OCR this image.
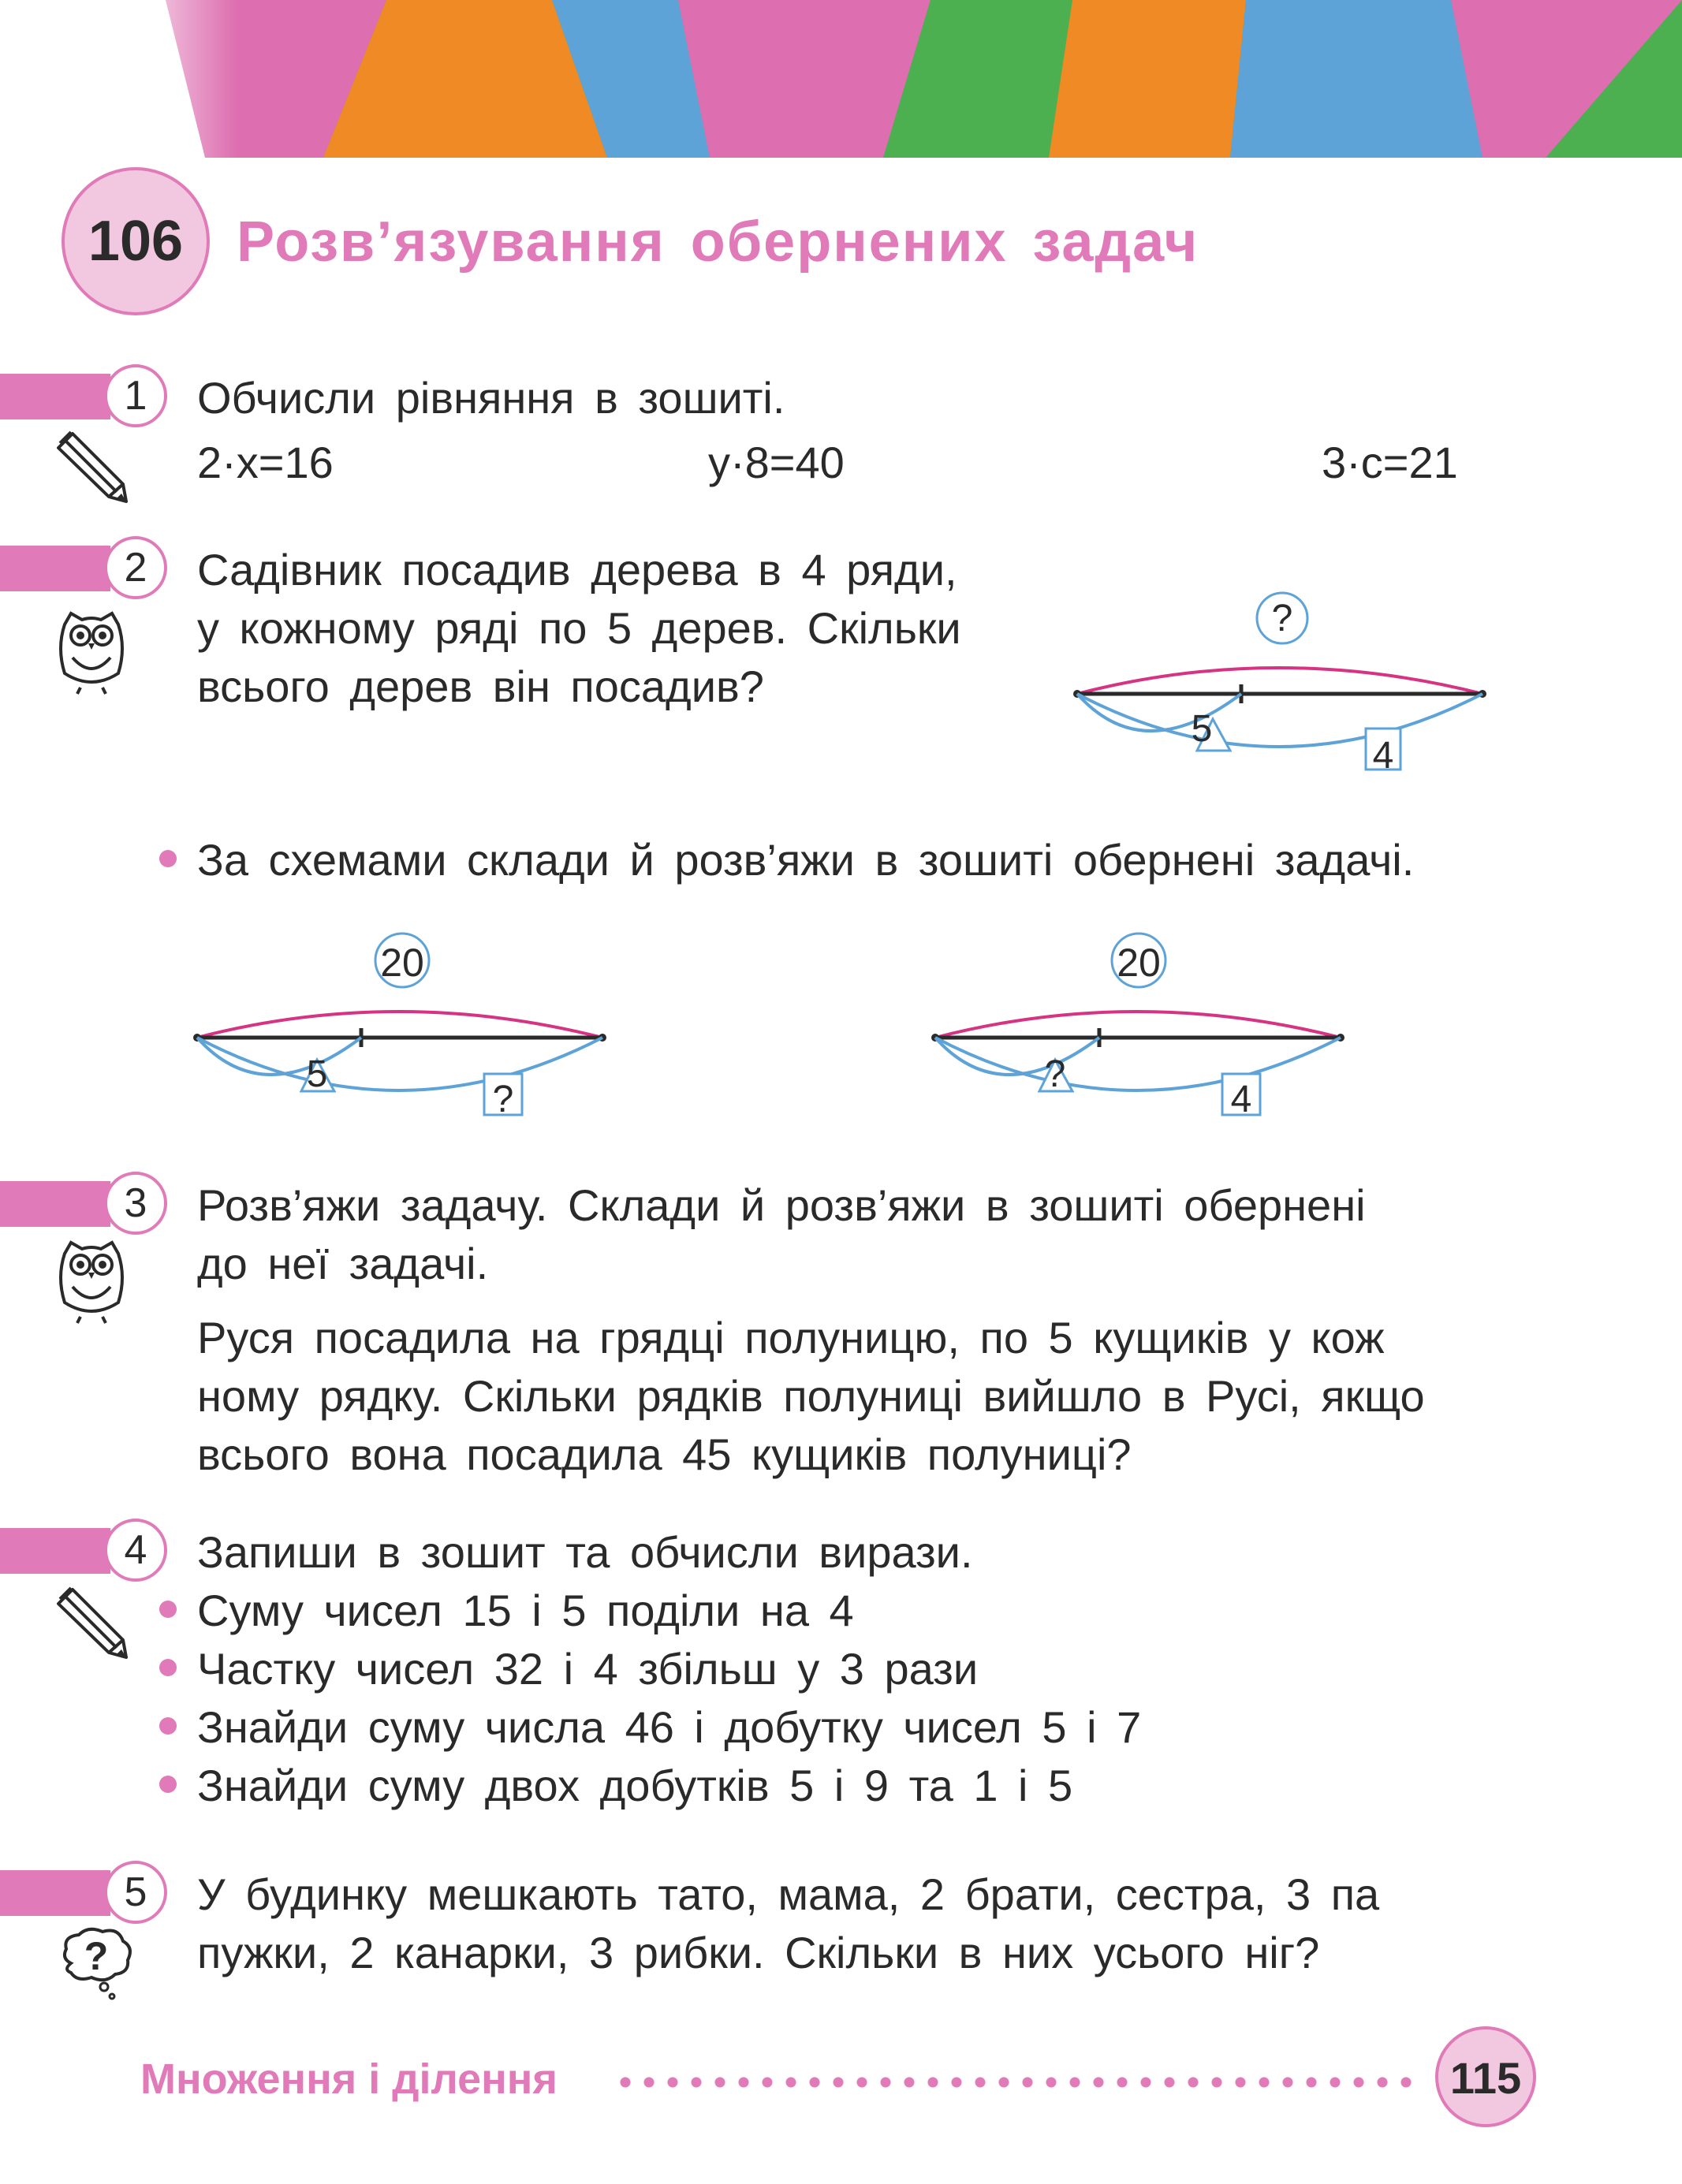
106 Розв’язування обернених задач
1	Обчисли рівняння в зошиті.
2·x=16	y·8=40	3·c=21
2	Садівник посадив дерева в 4 ряди,
у кожному ряді по 5 дерев. Скільки
всього дерев він посадив?
?
5
4
За схемами склади й розв’яжи в зошиті обернені задачі.
20
5
?
20
?
4
3	Розв’яжи задачу. Склади й розв’яжи в зошиті обернені
до неї задачі.
Руся посадила на грядці полуницю, по 5 кущиків у кож
ному рядку. Скільки рядків полуниці вийшло в Русі, якщо
всього вона посадила 45 кущиків полуниці?
4	Запиши в зошит та обчисли вирази.
Суму чисел 15 і 5 поділи на 4
Частку чисел 32 і 4 збільш у 3 рази
Знайди суму числа 46 і добутку чисел 5 і 7
Знайди суму двох добутків 5 і 9 та 1 і 5
5
?
У будинку мешкають тато, мама, 2 брати, сестра, 3 па
пужки, 2 канарки, 3 рибки. Скільки в них усього ніг?
Множення і ділення	115
